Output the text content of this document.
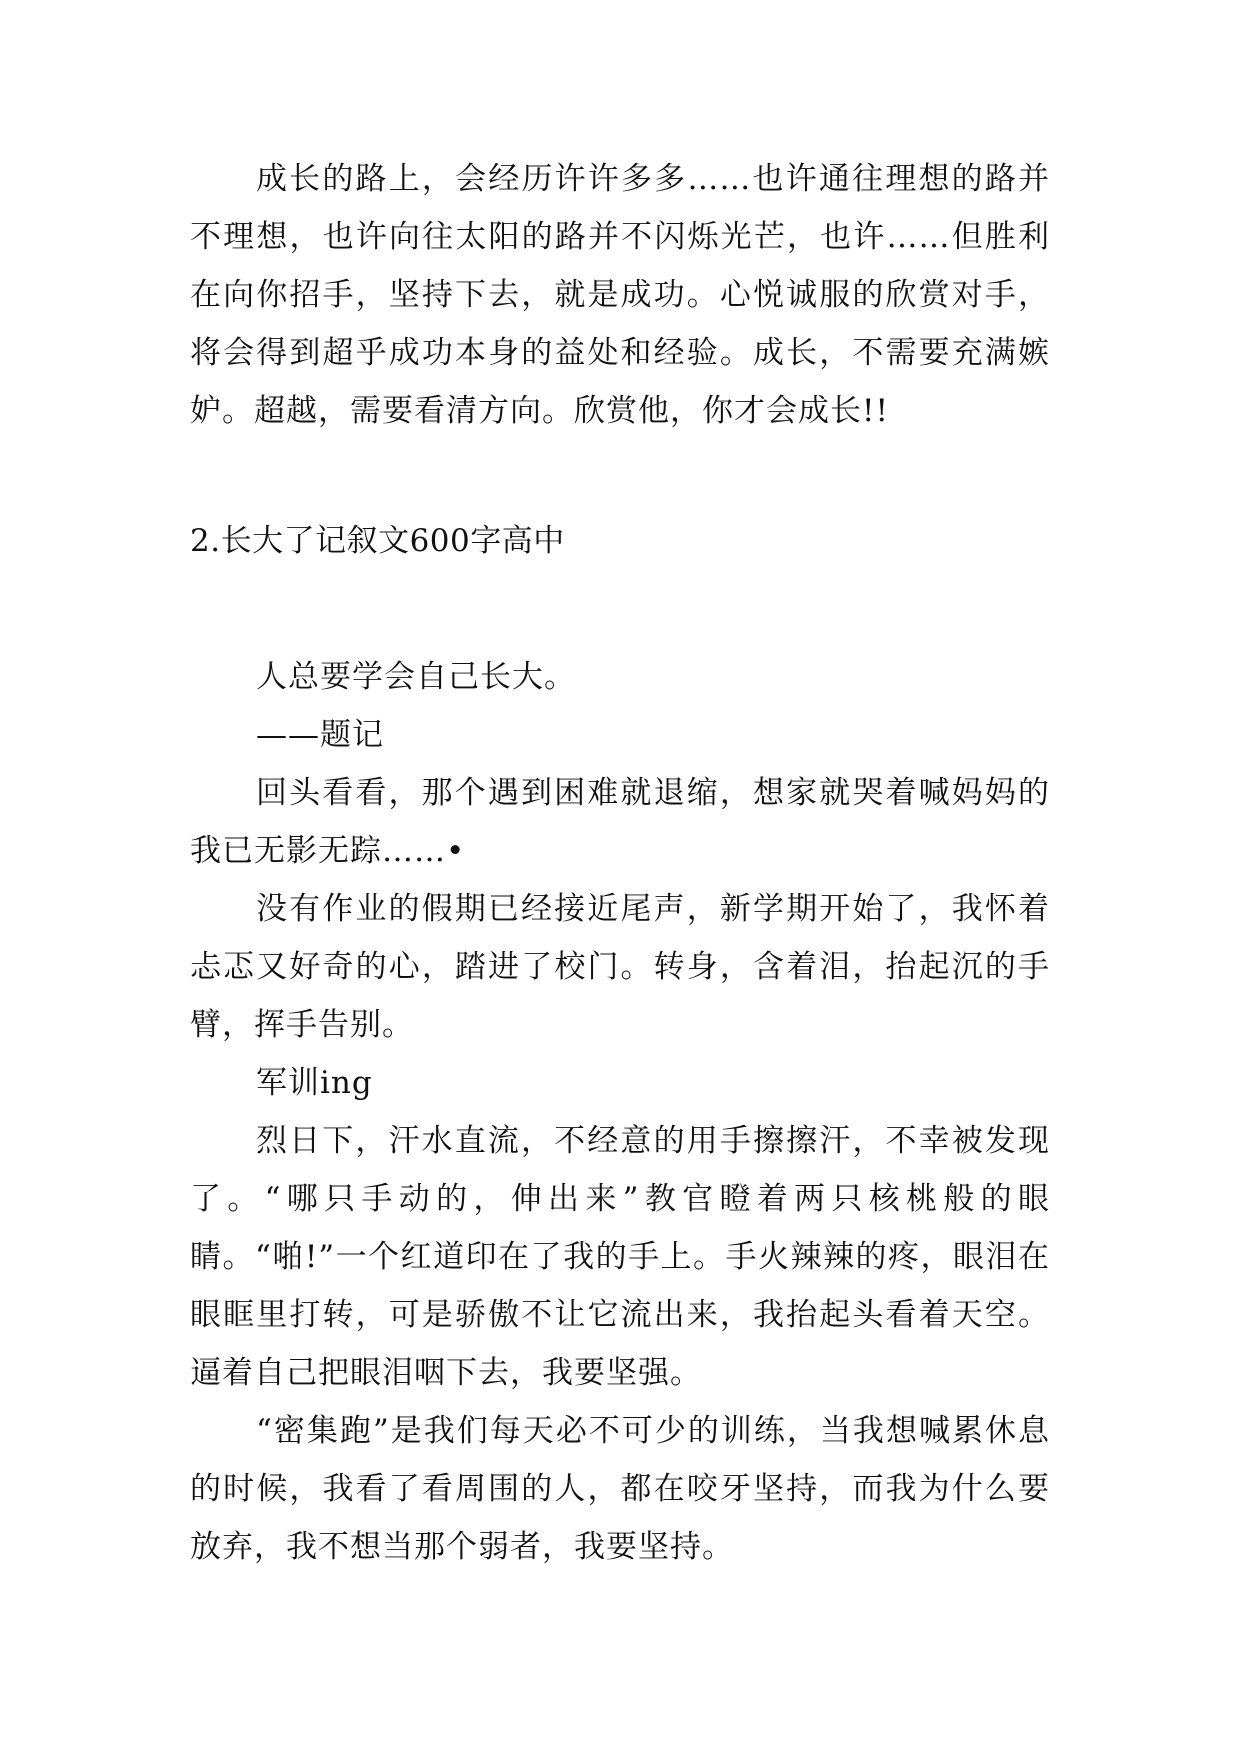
成长的路上，会经历许许多多……也许通往理想的路并不理想，也许向往太阳的路并不闪烁光芒，也许……但胜利在向你招手，坚持下去，就是成功。心悦诚服的欣赏对手，将会得到超乎成功本身的益处和经验。成长，不需要充满嫉妒。超越，需要看清方向。欣赏他，你才会成长!!

2.长大了记叙文600字高中

人总要学会自己长大。

——题记

回头看看，那个遇到困难就退缩，想家就哭着喊妈妈的我已无影无踪……•

没有作业的假期已经接近尾声，新学期开始了，我怀着忐忑又好奇的心，踏进了校门。转身，含着泪，抬起沉的手臂，挥手告别。

军训ing

烈日下，汗水直流，不经意的用手擦擦汗，不幸被发现了。“哪只手动的，伸出来”教官瞪着两只核桃般的眼睛。“啪!”一个红道印在了我的手上。手火辣辣的疼，眼泪在眼眶里打转，可是骄傲不让它流出来，我抬起头看着天空。逼着自己把眼泪咽下去，我要坚强。

“密集跑”是我们每天必不可少的训练，当我想喊累休息的时候，我看了看周围的人，都在咬牙坚持，而我为什么要放弃，我不想当那个弱者，我要坚持。
